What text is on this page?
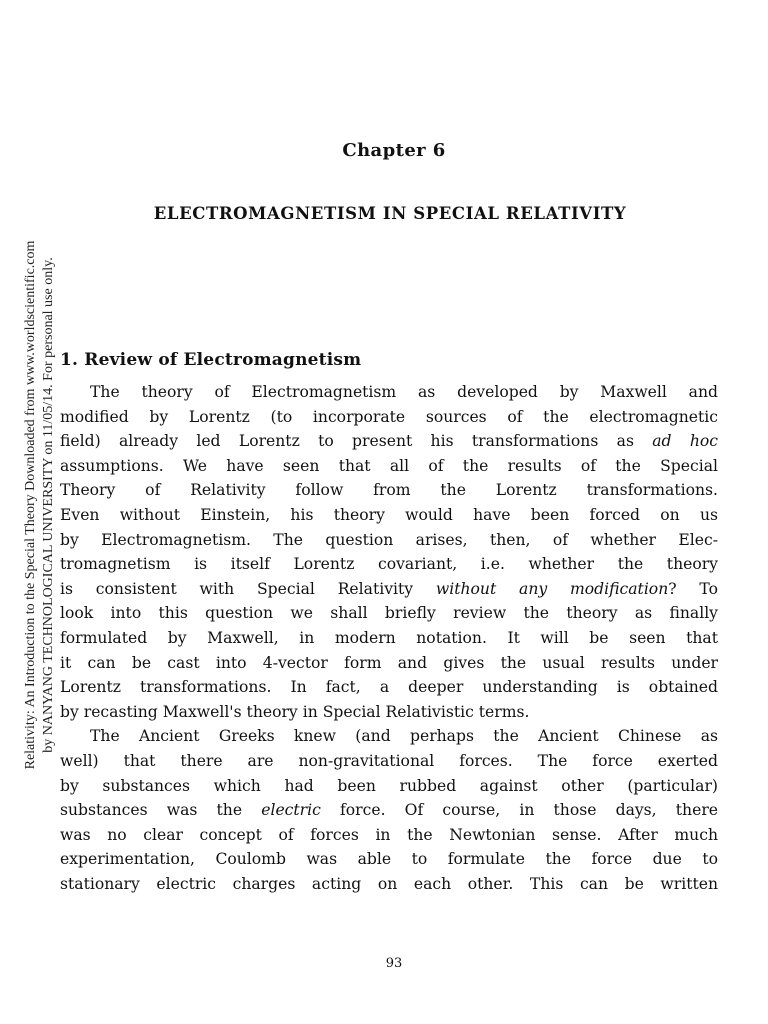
Relativity: An Introduction to the Special Theory Downloaded from www.worldscientific.com by NANYANG TECHNOLOGICAL UNIVERSITY on 11/05/14. For personal use only.
Chapter 6
ELECTROMAGNETISM IN SPECIAL RELATIVITY
1. Review of Electromagnetism
The theory of Electromagnetism as developed by Maxwell and
modified by Lorentz (to incorporate sources of the electromagnetic
field) already led Lorentz to present his transformations as ad hoc
assumptions. We have seen that all of the results of the Special
Theory of Relativity follow from the Lorentz transformations.
Even without Einstein, his theory would have been forced on us
by Electromagnetism. The question arises, then, of whether Elec-
tromagnetism is itself Lorentz covariant, i.e. whether the theory
is consistent with Special Relativity without any modification? To
look into this question we shall briefly review the theory as finally
formulated by Maxwell, in modern notation. It will be seen that
it can be cast into 4-vector form and gives the usual results under
Lorentz transformations. In fact, a deeper understanding is obtained
by recasting Maxwell's theory in Special Relativistic terms.
The Ancient Greeks knew (and perhaps the Ancient Chinese as
well) that there are non-gravitational forces. The force exerted
by substances which had been rubbed against other (particular)
substances was the electric force. Of course, in those days, there
was no clear concept of forces in the Newtonian sense. After much
experimentation, Coulomb was able to formulate the force due to
stationary electric charges acting on each other. This can be written
93
